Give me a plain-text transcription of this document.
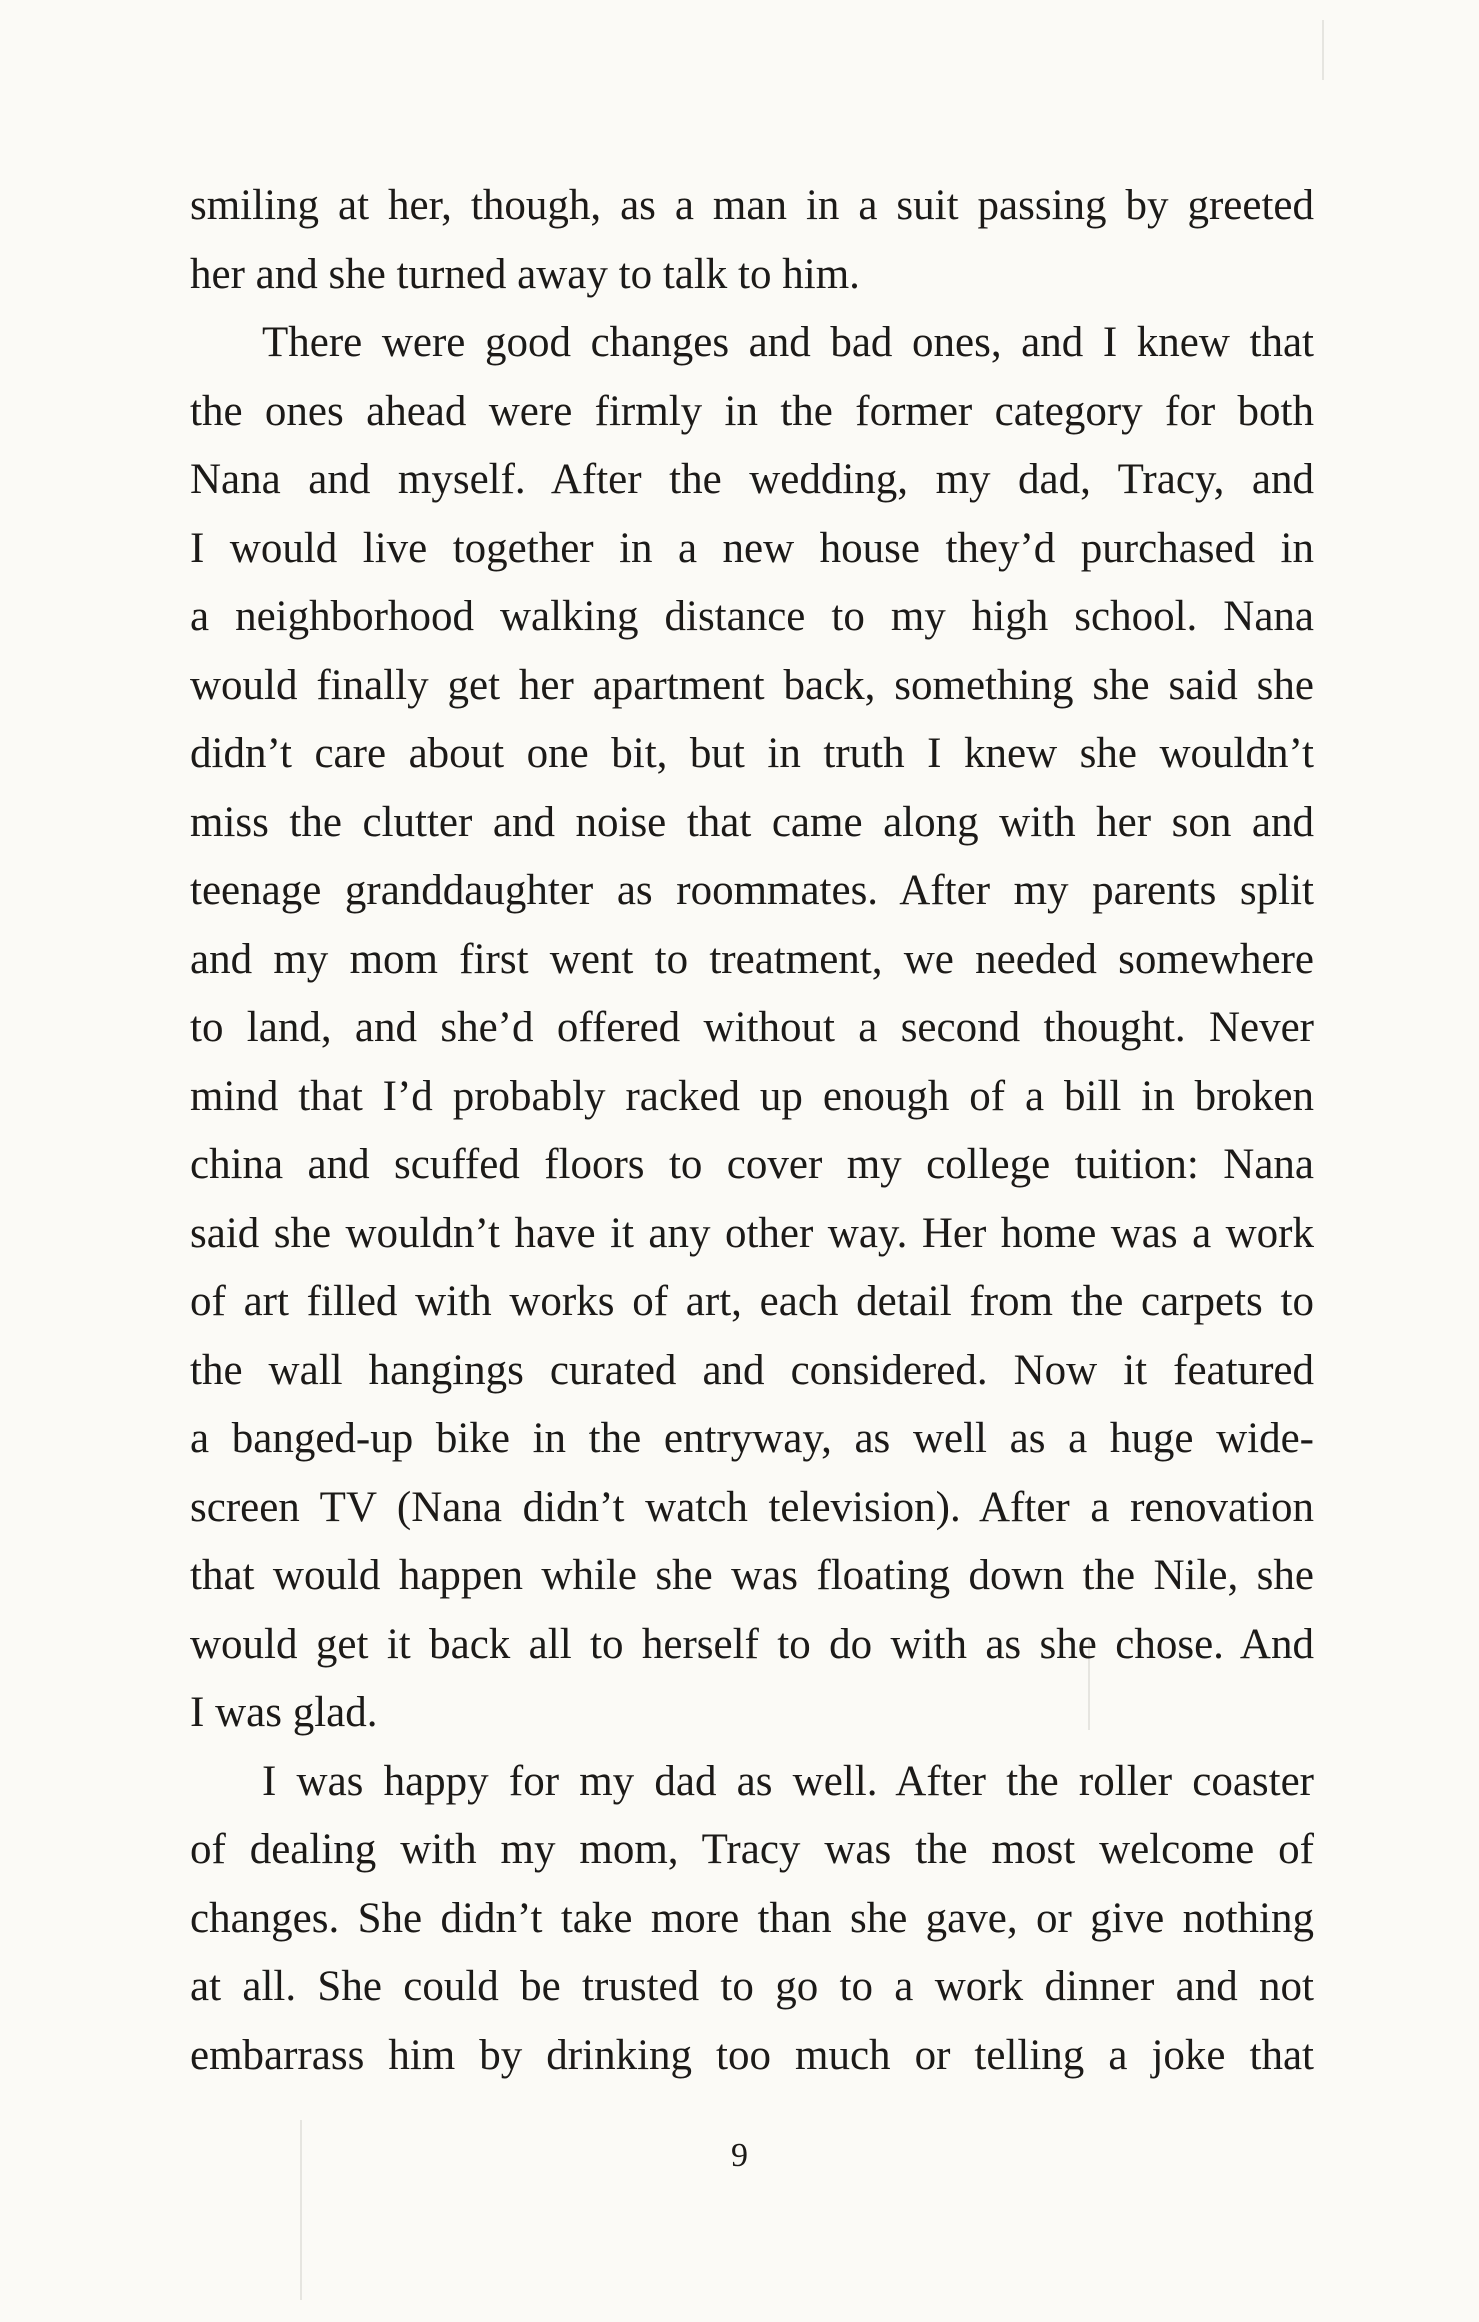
smiling at her, though, as a man in a suit passing by greeted
her and she turned away to talk to him.
There were good changes and bad ones, and I knew that
the ones ahead were firmly in the former category for both
Nana and myself. After the wedding, my dad, Tracy, and
I would live together in a new house they’d purchased in
a neighborhood walking distance to my high school. Nana
would finally get her apartment back, something she said she
didn’t care about one bit, but in truth I knew she wouldn’t
miss the clutter and noise that came along with her son and
teenage granddaughter as roommates. After my parents split
and my mom first went to treatment, we needed somewhere
to land, and she’d offered without a second thought. Never
mind that I’d probably racked up enough of a bill in broken
china and scuffed floors to cover my college tuition: Nana
said she wouldn’t have it any other way. Her home was a work
of art filled with works of art, each detail from the carpets to
the wall hangings curated and considered. Now it featured
a banged-up bike in the entryway, as well as a huge wide-
screen TV (Nana didn’t watch television). After a renovation
that would happen while she was floating down the Nile, she
would get it back all to herself to do with as she chose. And
I was glad.
I was happy for my dad as well. After the roller coaster
of dealing with my mom, Tracy was the most welcome of
changes. She didn’t take more than she gave, or give nothing
at all. She could be trusted to go to a work dinner and not
embarrass him by drinking too much or telling a joke that
9
